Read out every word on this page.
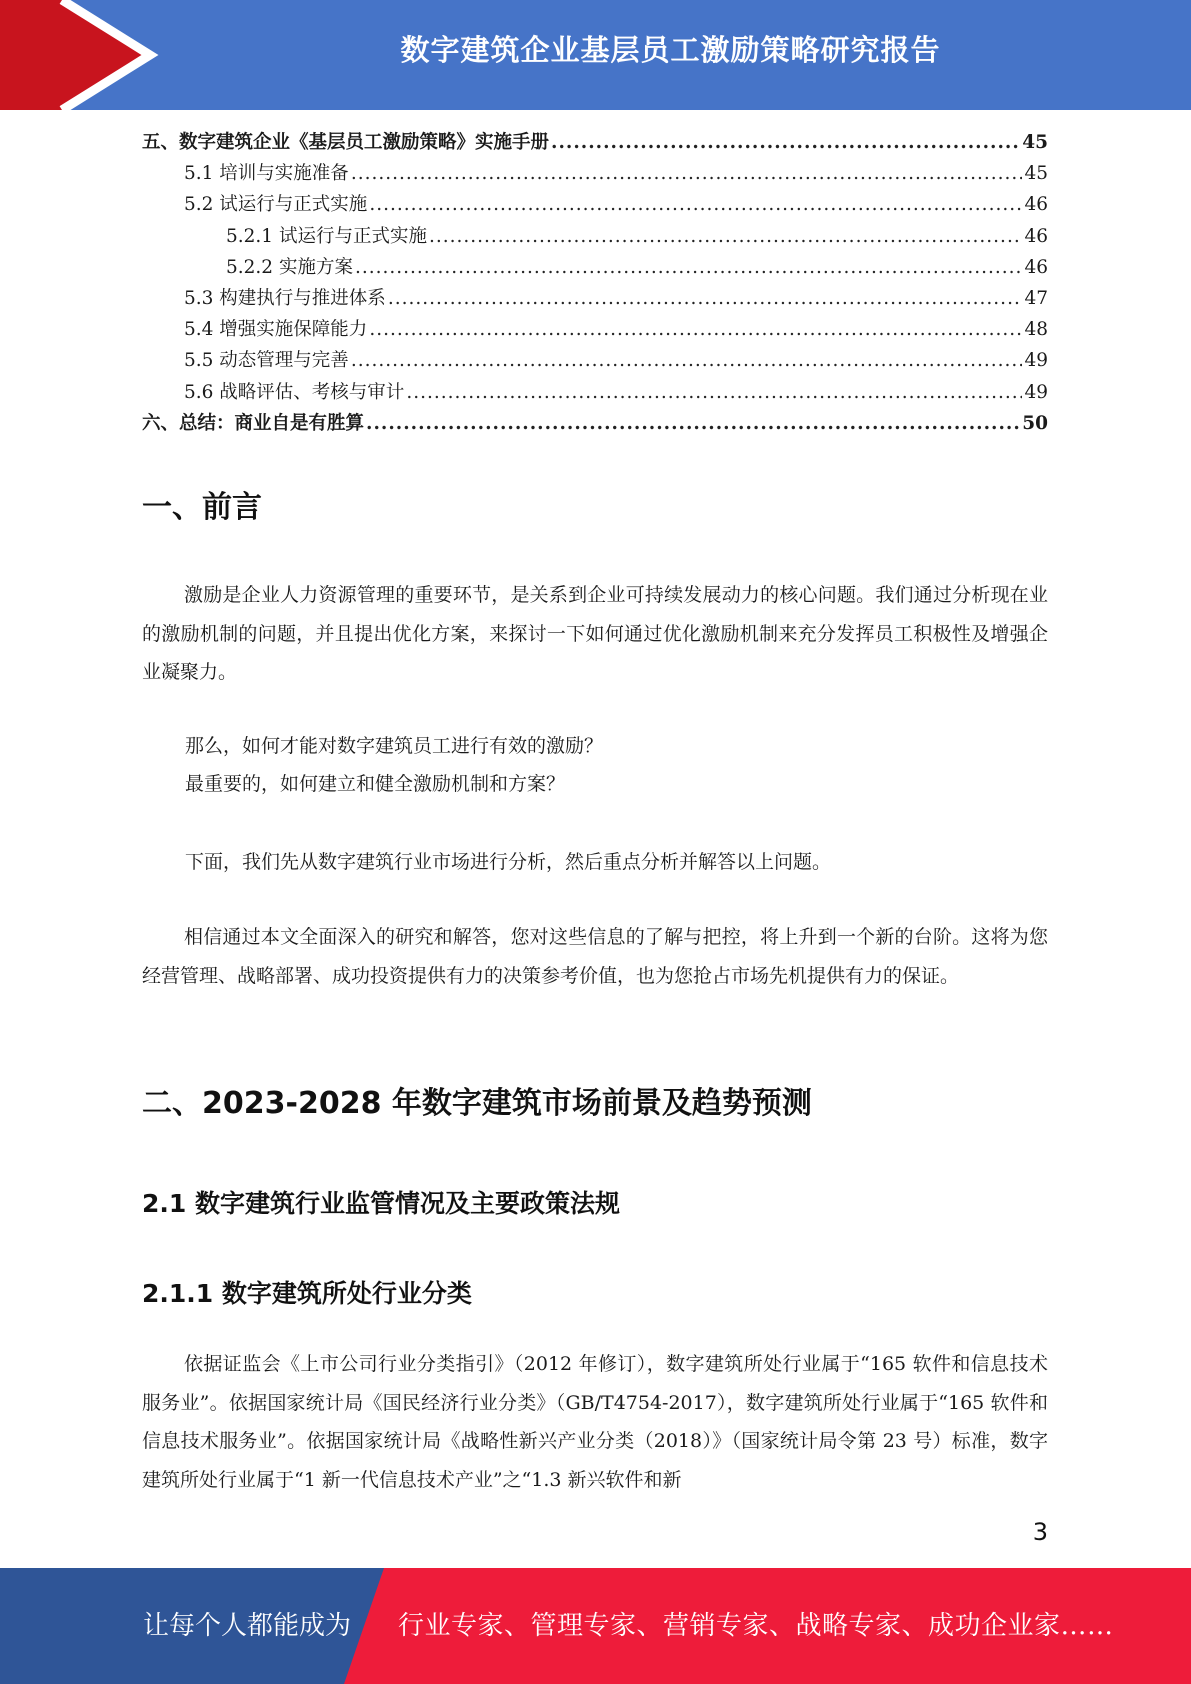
数字建筑企业基层员工激励策略研究报告
五、数字建筑企业《基层员工激励策略》实施手册 .....	45
5.1 培训与实施准备 .....	45
5.2 试运行与正式实施 .....	46
5.2.1 试运行与正式实施 .....	46
5.2.2 实施方案 .....	46
5.3 构建执行与推进体系 .....	47
5.4 增强实施保障能力 .....	48
5.5 动态管理与完善 .....	49
5.6 战略评估、考核与审计 .....	49
六、总结：商业自是有胜算 .....	50
一、前言

激励是企业人力资源管理的重要环节，是关系到企业可持续发展动力的核心问题。我们通过分析现在业的激励机制的问题，并且提出优化方案，来探讨一下如何通过优化激励机制来充分发挥员工积极性及增强企业凝聚力。

那么，如何才能对数字建筑员工进行有效的激励？

最重要的，如何建立和健全激励机制和方案？

下面，我们先从数字建筑行业市场进行分析，然后重点分析并解答以上问题。

相信通过本文全面深入的研究和解答，您对这些信息的了解与把控，将上升到一个新的台阶。这将为您经营管理、战略部署、成功投资提供有力的决策参考价值，也为您抢占市场先机提供有力的保证。

二、2023-2028 年数字建筑市场前景及趋势预测
2.1 数字建筑行业监管情况及主要政策法规
2.1.1 数字建筑所处行业分类

依据证监会《上市公司行业分类指引》（2012 年修订），数字建筑所处行业属于“165 软件和信息技术服务业”。依据国家统计局《国民经济行业分类》（GB/T4754-2017），数字建筑所处行业属于“165 软件和信息技术服务业”。依据国家统计局《战略性新兴产业分类（2018）》（国家统计局令第 23 号）标准，数字建筑所处行业属于“1 新一代信息技术产业”之“1.3 新兴软件和新

3
让每个人都能成为 行业专家、管理专家、营销专家、战略专家、成功企业家……
